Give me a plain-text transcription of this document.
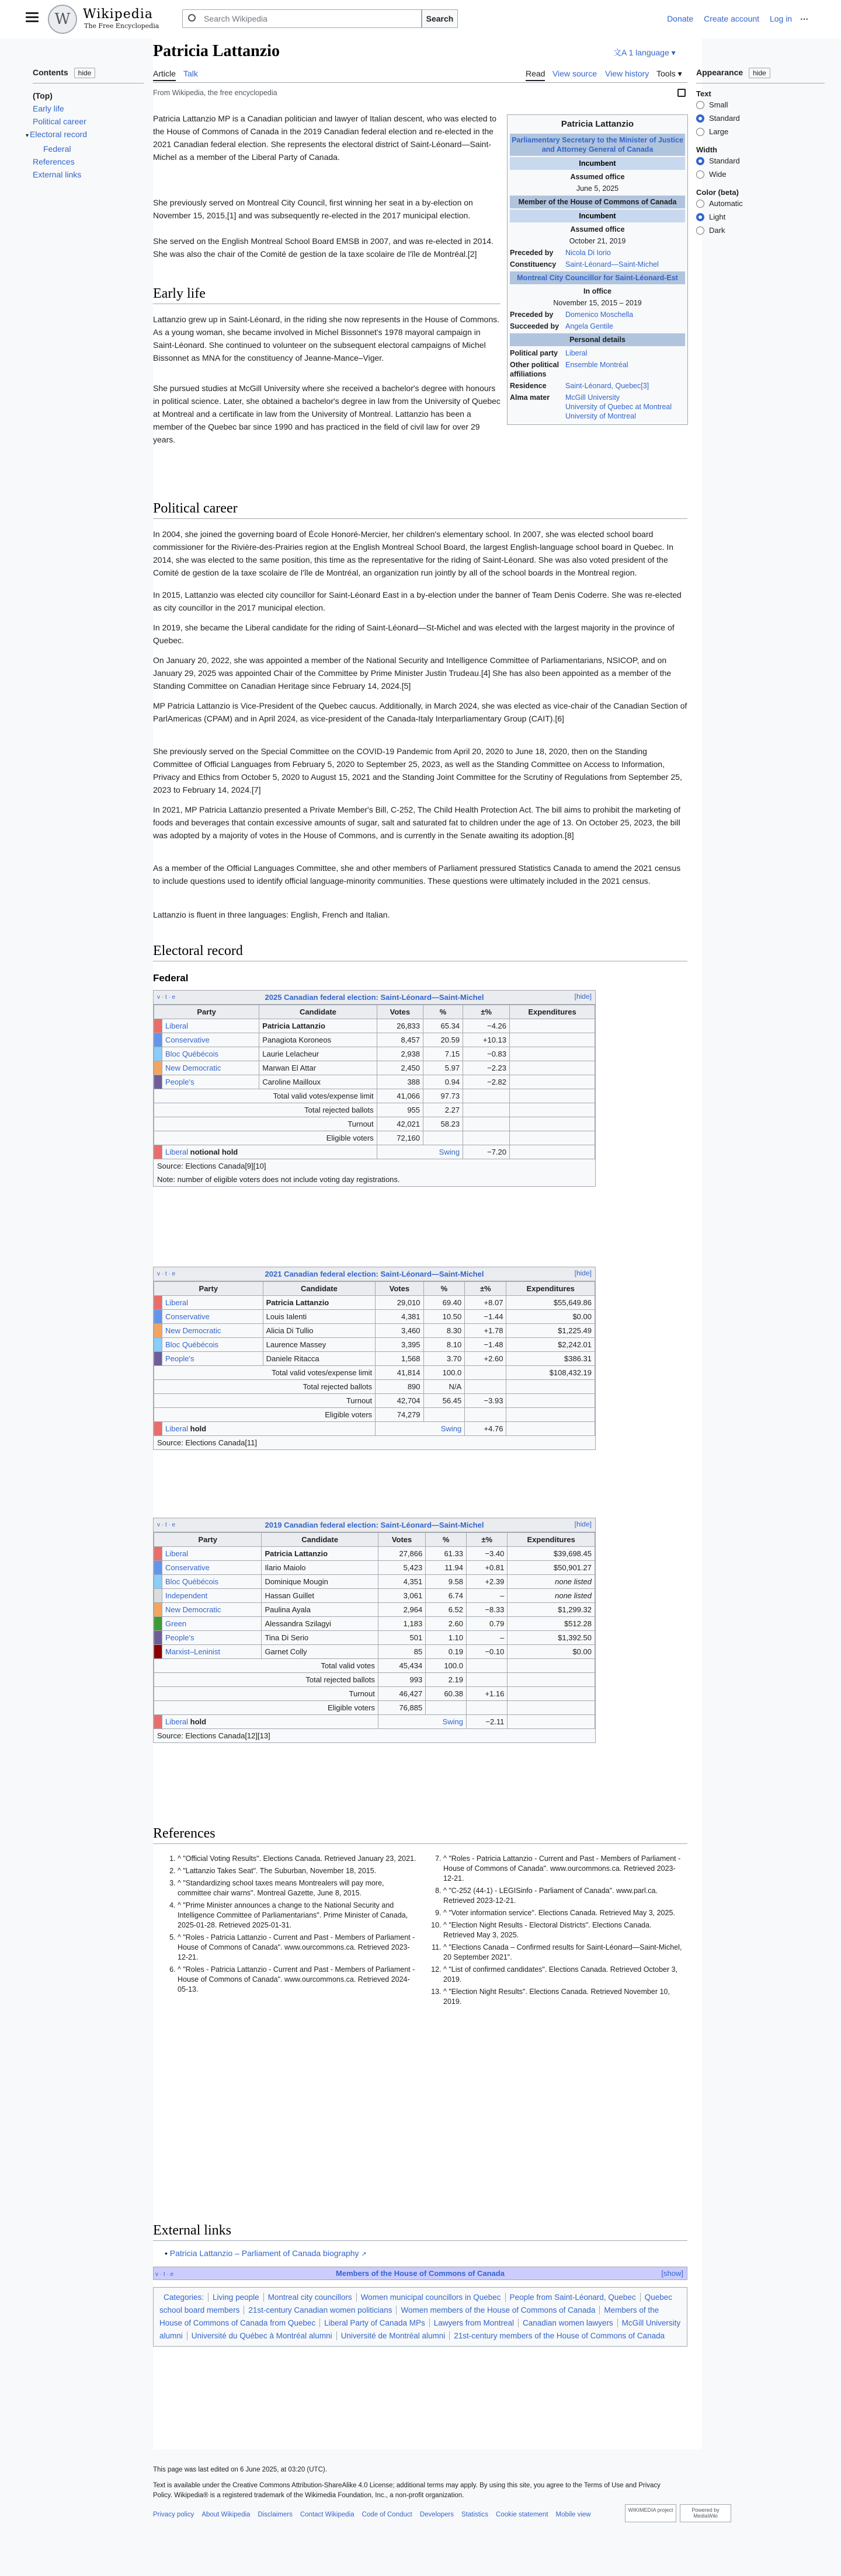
W Wikipedia
The Free Encyclopedia
Search Wikipedia	Search	Donate Create account Log in ⋯
Contents hide
(Top)
Early life
Political career
▾ Electoral record
Federal
References
External links
Patricia Lattanzio	文A 1 language ▾
Article Talk	Read View source View history Tools ▾
From Wikipedia, the free encyclopedia
Patricia Lattanzio
Parliamentary Secretary to the Minister of Justice and Attorney General of Canada
Incumbent
Assumed office
June 5, 2025
Member of the House of Commons of Canada
Incumbent
Assumed office
October 21, 2019
Preceded by	Nicola Di Iorio
Constituency	Saint-Léonard—Saint-Michel
Montreal City Councillor for Saint-Léonard-Est
In office
November 15, 2015 – 2019
Preceded by	Domenico Moschella
Succeeded by Angela Gentile
Personal details
Political party	Liberal
Other political affiliations
Ensemble Montréal
Residence	Saint-Léonard, Quebec[3]
Alma mater	McGill University
University of Quebec at Montreal
University of Montreal

Patricia Lattanzio MP is a Canadian politician and lawyer of Italian descent, who was elected to the House of Commons of Canada in the 2019 Canadian federal election and re-elected in the 2021 Canadian federal election. She represents the electoral district of Saint-Léonard—Saint-Michel as a member of the Liberal Party of Canada.

She previously served on Montreal City Council, first winning her seat in a by-election on November 15, 2015,[1] and was subsequently re-elected in the 2017 municipal election.

She served on the English Montreal School Board EMSB in 2007, and was re-elected in 2014. She was also the chair of the Comité de gestion de la taxe scolaire de l'île de Montréal.[2]

Early life

Lattanzio grew up in Saint-Léonard, in the riding she now represents in the House of Commons. As a young woman, she became involved in Michel Bissonnet's 1978 mayoral campaign in Saint-Léonard. She continued to volunteer on the subsequent electoral campaigns of Michel Bissonnet as MNA for the constituency of Jeanne-Mance–Viger.

She pursued studies at McGill University where she received a bachelor's degree with honours in political science. Later, she obtained a bachelor's degree in law from the University of Quebec at Montreal and a certificate in law from the University of Montreal. Lattanzio has been a member of the Quebec bar since 1990 and has practiced in the field of civil law for over 29 years.

Political career

In 2004, she joined the governing board of École Honoré-Mercier, her children's elementary school. In 2007, she was elected school board commissioner for the Rivière-des-Prairies region at the English Montreal School Board, the largest English-language school board in Quebec. In 2014, she was elected to the same position, this time as the representative for the riding of Saint-Léonard. She was also voted president of the Comité de gestion de la taxe scolaire de l'île de Montréal, an organization run jointly by all of the school boards in the Montreal region.

In 2015, Lattanzio was elected city councillor for Saint-Léonard East in a by-election under the banner of Team Denis Coderre. She was re-elected as city councillor in the 2017 municipal election.

In 2019, she became the Liberal candidate for the riding of Saint-Léonard—St-Michel and was elected with the largest majority in the province of Quebec.

On January 20, 2022, she was appointed a member of the National Security and Intelligence Committee of Parliamentarians, NSICOP, and on January 29, 2025 was appointed Chair of the Committee by Prime Minister Justin Trudeau.[4] She has also been appointed as a member of the Standing Committee on Canadian Heritage since February 14, 2024.[5]

MP Patricia Lattanzio is Vice-President of the Quebec caucus. Additionally, in March 2024, she was elected as vice-chair of the Canadian Section of ParlAmericas (CPAM) and in April 2024, as vice-president of the Canada-Italy Interparliamentary Group (CAIT).[6]

She previously served on the Special Committee on the COVID-19 Pandemic from April 20, 2020 to June 18, 2020, then on the Standing Committee of Official Languages from February 5, 2020 to September 25, 2023, as well as the Standing Committee on Access to Information, Privacy and Ethics from October 5, 2020 to August 15, 2021 and the Standing Joint Committee for the Scrutiny of Regulations from September 25, 2023 to February 14, 2024.[7]

In 2021, MP Patricia Lattanzio presented a Private Member's Bill, C-252, The Child Health Protection Act. The bill aims to prohibit the marketing of foods and beverages that contain excessive amounts of sugar, salt and saturated fat to children under the age of 13. On October 25, 2023, the bill was adopted by a majority of votes in the House of Commons, and is currently in the Senate awaiting its adoption.[8]

As a member of the Official Languages Committee, she and other members of Parliament pressured Statistics Canada to amend the 2021 census to include questions used to identify official language-minority communities. These questions were ultimately included in the 2021 census.

Lattanzio is fluent in three languages: English, French and Italian.

Electoral record
Federal
v · t · e	2025 Canadian federal election: Saint-Léonard—Saint-Michel	[hide]
Party		Candidate	Votes	%	±%	Expenditures
	Liberal	Patricia Lattanzio	26,833	65.34	−4.26	
	Conservative	Panagiota Koroneos	8,457	20.59	+10.13	
	Bloc Québécois	Laurie Lelacheur	2,938	7.15	−0.83	
	New Democratic	Marwan El Attar	2,450	5.97	−2.23	
	People's	Caroline Mailloux	388	0.94	−2.82	
Total valid votes/expense limit			41,066	97.73		
Total rejected ballots			955	2.27		
Turnout			42,021	58.23		
Eligible voters			72,160			
	Liberal notional hold		Swing		−7.20	
Source: Elections Canada[9][10]
Note: number of eligible voters does not include voting day registrations.
v · t · e	2021 Canadian federal election: Saint-Léonard—Saint-Michel	[hide]
Party		Candidate	Votes	%	±%	Expenditures
	Liberal	Patricia Lattanzio	29,010	69.40	+8.07	$55,649.86
	Conservative	Louis Ialenti	4,381	10.50	−1.44	$0.00
	New Democratic	Alicia Di Tullio	3,460	8.30	+1.78	$1,225.49
	Bloc Québécois	Laurence Massey	3,395	8.10	−1.48	$2,242.01
	People's	Daniele Ritacca	1,568	3.70	+2.60	$386.31
Total valid votes/expense limit			41,814	100.0		$108,432.19
Total rejected ballots			890	N/A		
Turnout			42,704	56.45	−3.93	
Eligible voters			74,279			
	Liberal hold		Swing		+4.76	
Source: Elections Canada[11]
v · t · e	2019 Canadian federal election: Saint-Léonard—Saint-Michel	[hide]
Party		Candidate	Votes	%	±%	Expenditures
	Liberal	Patricia Lattanzio	27,866	61.33	−3.40	$39,698.45
	Conservative	Ilario Maiolo	5,423	11.94	+0.81	$50,901.27
	Bloc Québécois	Dominique Mougin	4,351	9.58	+2.39	none listed
	Independent	Hassan Guillet	3,061	6.74	–	none listed
	New Democratic	Paulina Ayala	2,964	6.52	−8.33	$1,299.32
	Green	Alessandra Szilagyi	1,183	2.60	0.79	$512.28
	People's	Tina Di Serio	501	1.10	–	$1,392.50
	Marxist–Leninist	Garnet Colly	85	0.19	−0.10	$0.00
Total valid votes			45,434	100.0		
Total rejected ballots			993	2.19		
Turnout			46,427	60.38	+1.16	
Eligible voters			76,885			
	Liberal hold		Swing		−2.11	
Source: Elections Canada[12][13]
References
1. ^ "Official Voting Results". Elections Canada. Retrieved January 23, 2021.
2. ^ "Lattanzio Takes Seat". The Suburban, November 18, 2015.
3. ^ "Standardizing school taxes means Montrealers will pay more, committee chair warns". Montreal Gazette, June 8, 2015.
4. ^ "Prime Minister announces a change to the National Security and Intelligence Committee of Parliamentarians". Prime Minister of Canada, 2025-01-28. Retrieved 2025-01-31.
5. ^ "Roles - Patricia Lattanzio - Current and Past - Members of Parliament - House of Commons of Canada". www.ourcommons.ca. Retrieved 2023-12-21.
6. ^ "Roles - Patricia Lattanzio - Current and Past - Members of Parliament - House of Commons of Canada". www.ourcommons.ca. Retrieved 2024-05-13.
7. ^ "Roles - Patricia Lattanzio - Current and Past - Members of Parliament - House of Commons of Canada". www.ourcommons.ca. Retrieved 2023-12-21.
8. ^ "C-252 (44-1) - LEGISinfo - Parliament of Canada". www.parl.ca. Retrieved 2023-12-21.
9. ^ "Voter information service". Elections Canada. Retrieved May 3, 2025.
10. ^ "Election Night Results - Electoral Districts". Elections Canada. Retrieved May 3, 2025.
11. ^ "Elections Canada – Confirmed results for Saint-Léonard—Saint-Michel, 20 September 2021".
12. ^ "List of confirmed candidates". Elections Canada. Retrieved October 3, 2019.
13. ^ "Election Night Results". Elections Canada. Retrieved November 10, 2019.
External links
• Patricia Lattanzio – Parliament of Canada biography ↗
v · t · e	Members of the House of Commons of Canada	[show]
Categories: Living people Montreal city councillors Women municipal councillors in Quebec People from Saint-Léonard, Quebec Quebec school board members 21st-century Canadian women politicians Women members of the House of Commons of Canada Members of the House of Commons of Canada from Quebec Liberal Party of Canada MPs Lawyers from Montreal Canadian women lawyers McGill University alumni Université du Québec à Montréal alumni Université de Montréal alumni 21st-century members of the House of Commons of Canada
This page was last edited on 6 June 2025, at 03:20 (UTC).
Text is available under the Creative Commons Attribution-ShareAlike 4.0 License; additional terms may apply. By using this site, you agree to the Terms of Use and Privacy Policy. Wikipedia® is a registered trademark of the Wikimedia Foundation, Inc., a non-profit organization.
Privacy policy About Wikipedia Disclaimers Contact Wikipedia Code of Conduct Developers Statistics Cookie statement Mobile view
WIKIMEDIA project	Powered by MediaWiki
Appearance hide
Text
Small
Standard
Large
Width
Standard
Wide
Color (beta)
Automatic
Light
Dark
